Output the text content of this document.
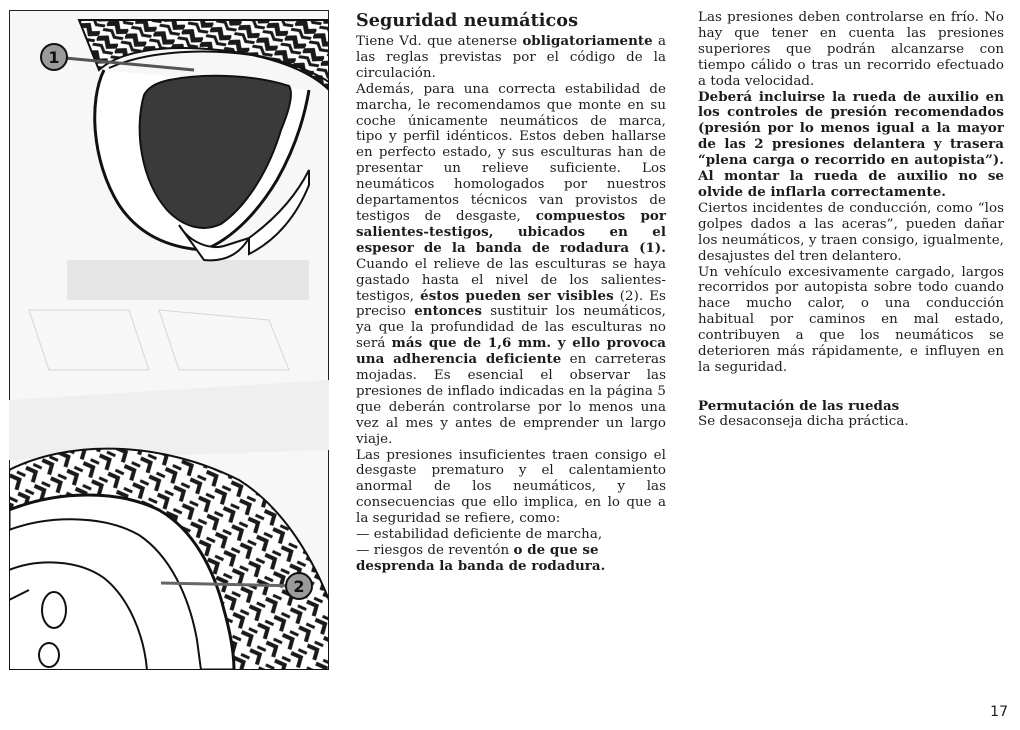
1
2
Seguridad neumáticos

Tiene Vd. que atenerse obligatoriamente a las reglas previstas por el código de la circulación.

Además, para una correcta estabilidad de marcha, le recomendamos que monte en su coche únicamente neumáticos de marca, tipo y perfil idénticos. Estos deben hallarse en perfecto estado, y sus esculturas han de presentar un relieve suficiente. Los neumáticos homologados por nuestros departamentos técnicos van provistos de testigos de desgaste, compuestos por salientes-testigos, ubicados en el espesor de la banda de rodadura (1). Cuando el relieve de las esculturas se haya gastado hasta el nivel de los salientes-testigos, éstos pueden ser visibles (2). Es preciso entonces sustituir los neumáticos, ya que la profundidad de las esculturas no será más que de 1,6 mm. y ello provoca una adherencia deficiente en carreteras mojadas. Es esencial el observar las presiones de inflado indicadas en la página 5 que deberán controlarse por lo menos una vez al mes y antes de emprender un largo viaje.

Las presiones insuficientes traen consigo el desgaste prematuro y el calentamiento anormal de los neumáticos, y las consecuencias que ello implica, en lo que a la seguridad se refiere, como:

— estabilidad deficiente de marcha,

— riesgos de reventón o de que se desprenda la banda de rodadura.

Las presiones deben controlarse en frío. No hay que tener en cuenta las presiones superiores que podrán alcanzarse con tiempo cálido o tras un recorrido efectuado a toda velocidad.

Deberá incluirse la rueda de auxilio en los controles de presión recomendados (presión por lo menos igual a la mayor de las 2 presiones delantera y trasera “plena carga o recorrido en autopista”). Al montar la rueda de auxilio no se olvide de inflarla correctamente.

Ciertos incidentes de conducción, como “los golpes dados a las aceras”, pueden dañar los neumáticos, y traen consigo, igualmente, desajustes del tren delantero.

Un vehículo excesivamente cargado, largos recorridos por autopista sobre todo cuando hace mucho calor, o una conducción habitual por caminos en mal estado, contribuyen a que los neumáticos se deterioren más rápidamente, e influyen en la seguridad.

Permutación de las ruedas

Se desaconseja dicha práctica.

17
